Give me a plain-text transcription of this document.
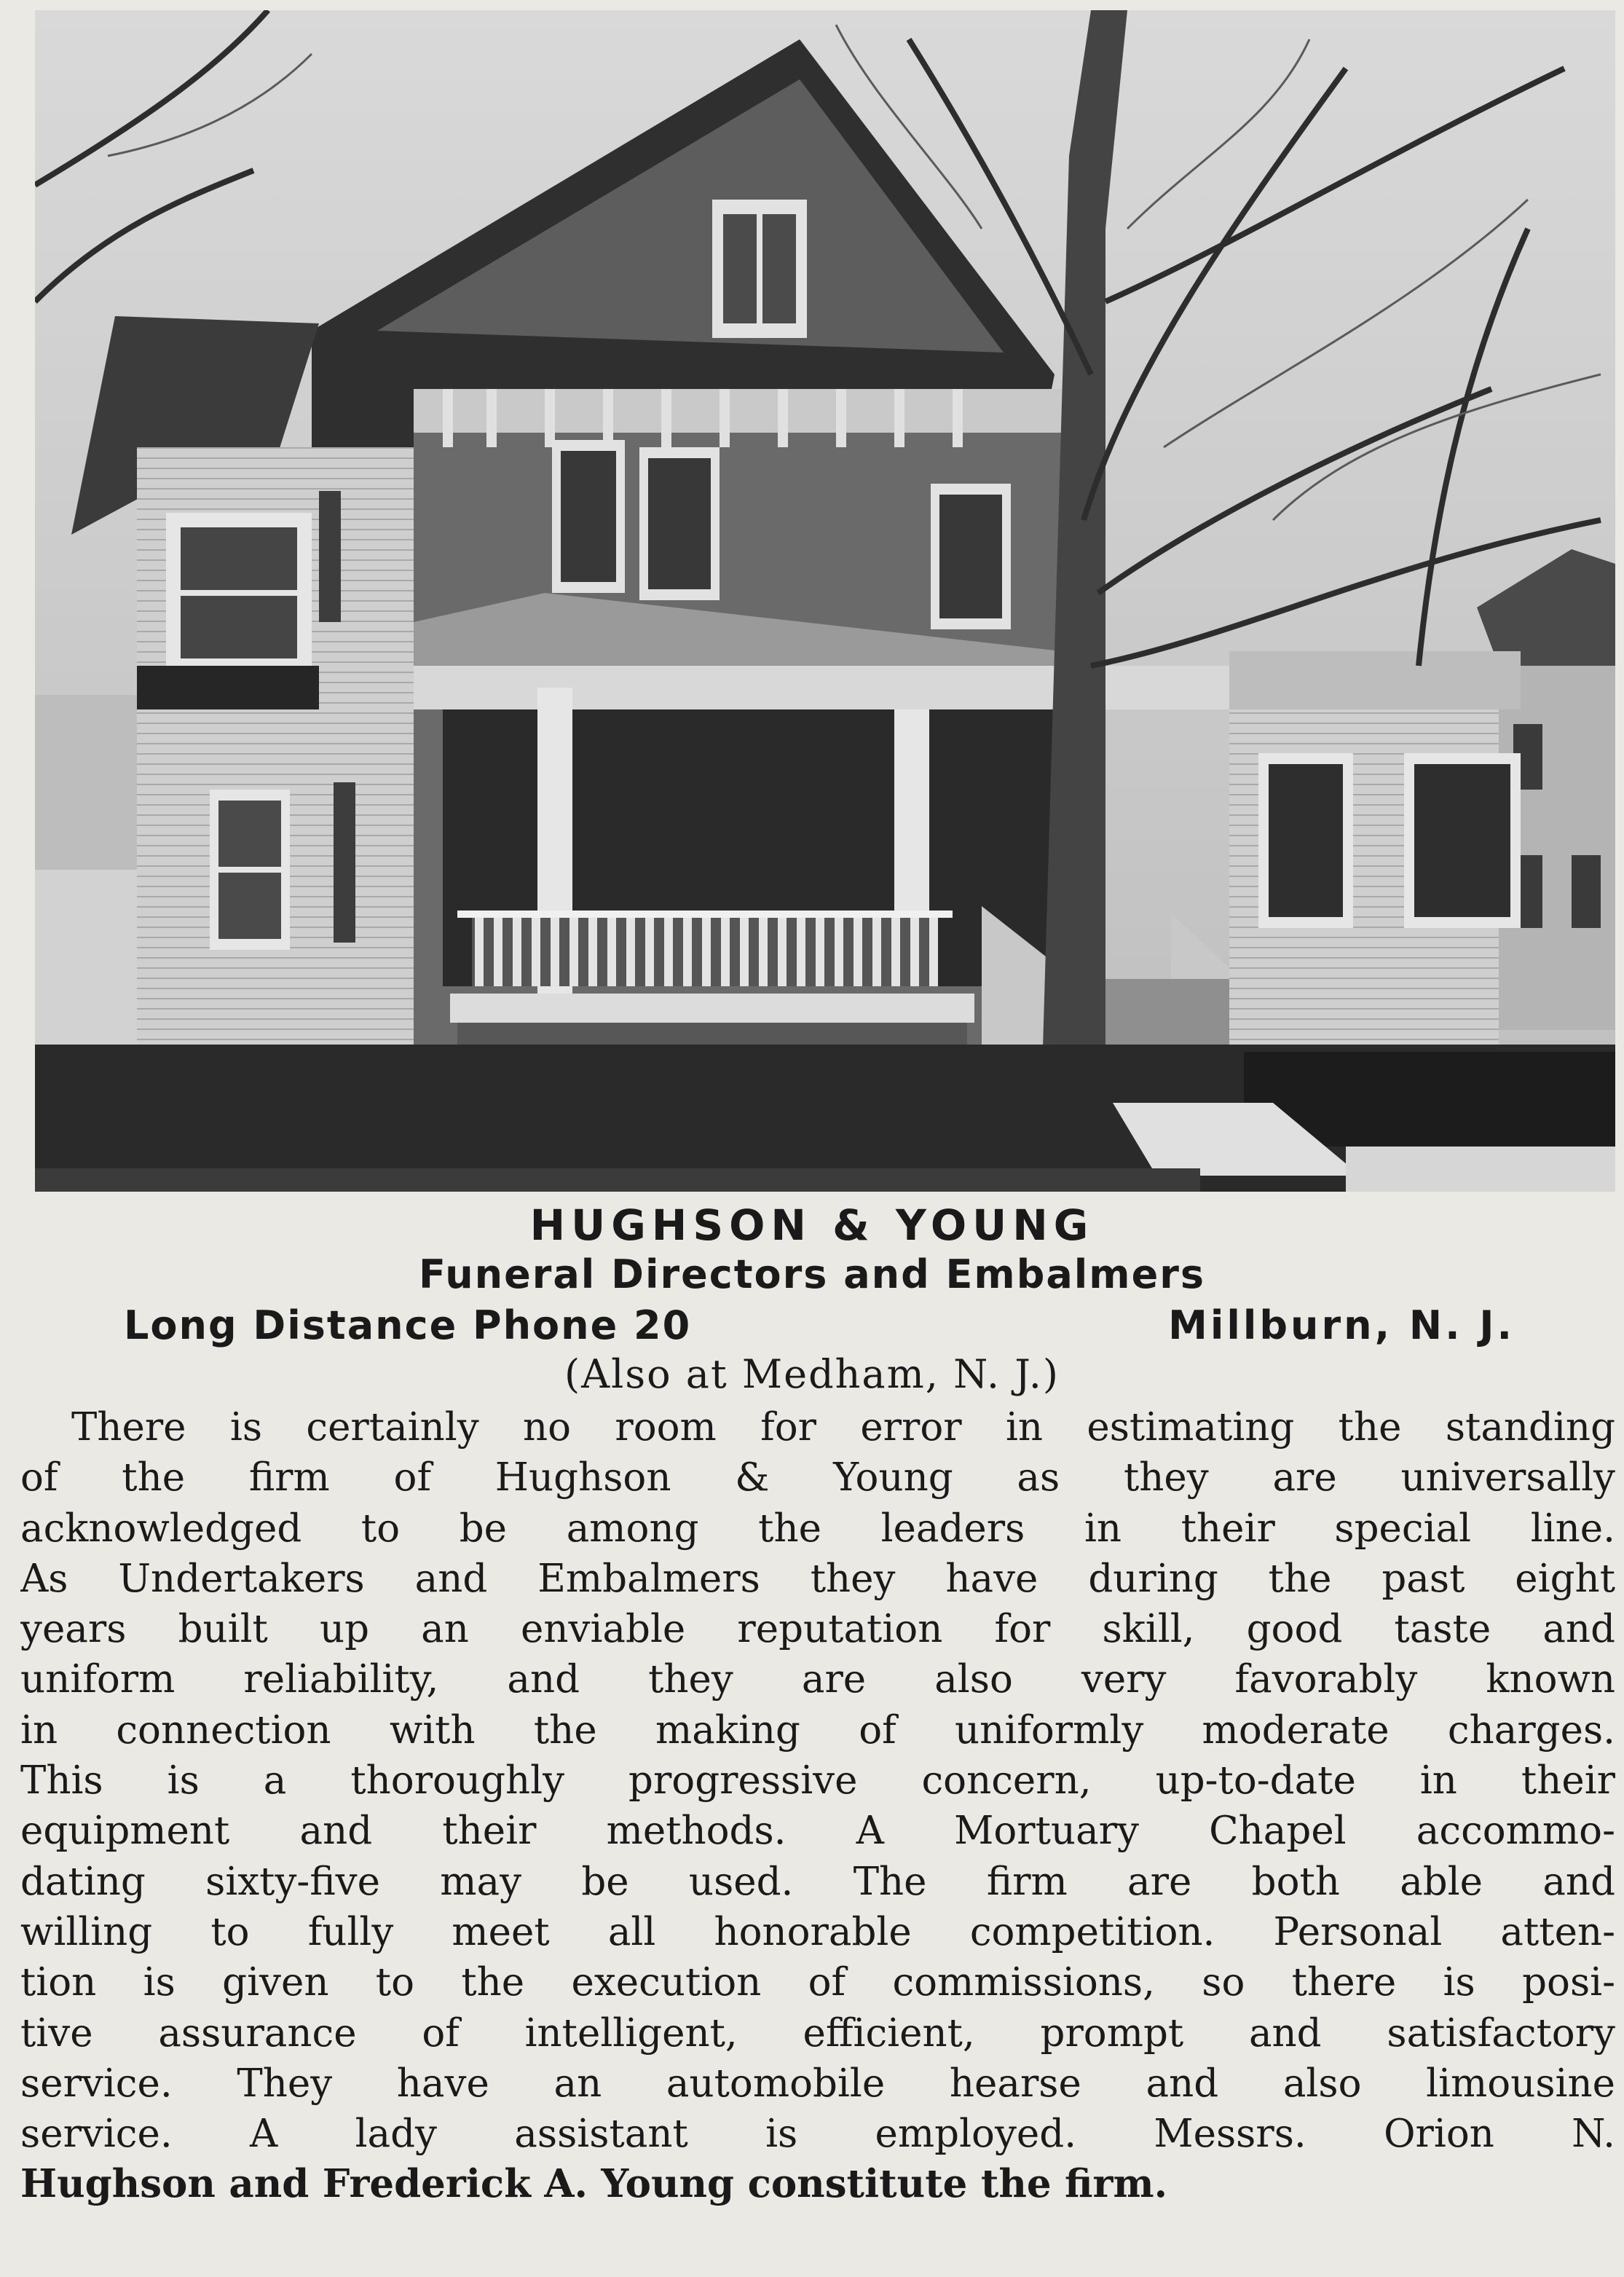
HUGHSON & YOUNG
Funeral Directors and Embalmers
Long Distance Phone 20	Millburn, N. J.
(Also at Medham, N. J.)
There is certainly no room for error in estimating the standing
of the firm of Hughson & Young as they are universally
acknowledged to be among the leaders in their special line.
As Undertakers and Embalmers they have during the past eight
years built up an enviable reputation for skill, good taste and
uniform reliability, and they are also very favorably known
in connection with the making of uniformly moderate charges.
This is a thoroughly progressive concern, up-to-date in their
equipment and their methods. A Mortuary Chapel accommo-
dating sixty-five may be used. The firm are both able and
willing to fully meet all honorable competition. Personal atten-
tion is given to the execution of commissions, so there is posi-
tive assurance of intelligent, efficient, prompt and satisfactory
service. They have an automobile hearse and also limousine
service. A lady assistant is employed. Messrs. Orion N.
Hughson and Frederick A. Young constitute the firm.
